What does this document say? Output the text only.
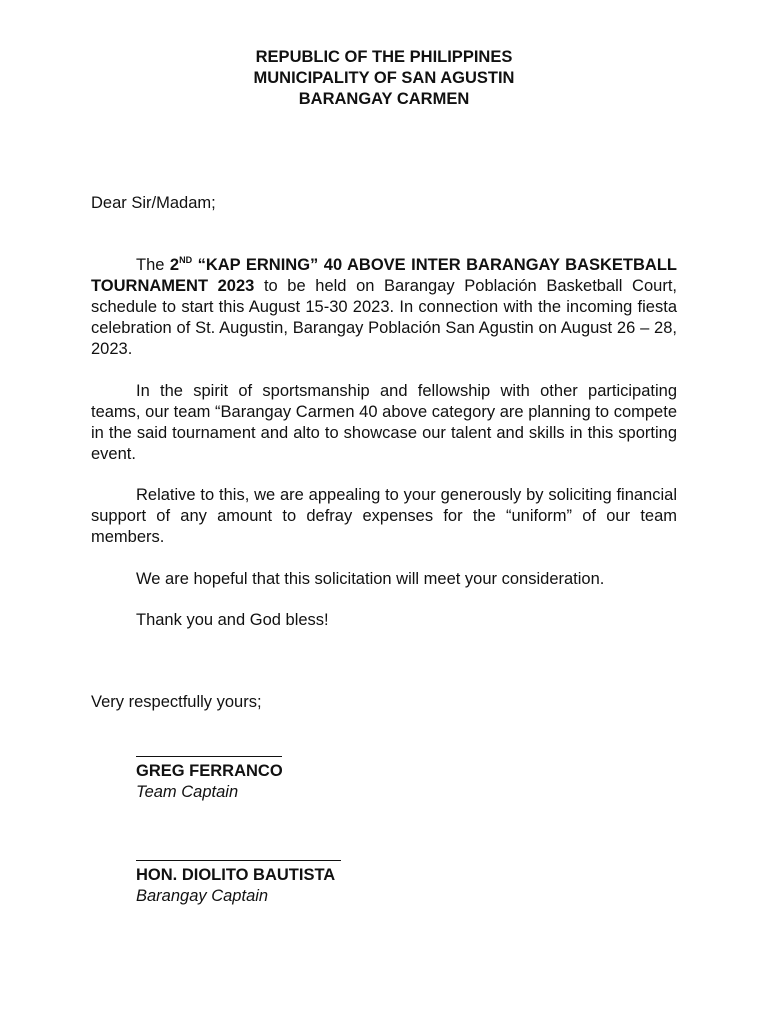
REPUBLIC OF THE PHILIPPINES
MUNICIPALITY OF SAN AGUSTIN
BARANGAY CARMEN
Dear Sir/Madam;

The 2ND “KAP ERNING” 40 ABOVE INTER BARANGAY BASKETBALL TOURNAMENT 2023 to be held on Barangay Población Basketball Court, schedule to start this August 15-30 2023. In connection with the incoming fiesta celebration of St. Augustin, Barangay Población San Agustin on August 26 – 28, 2023.

In the spirit of sportsmanship and fellowship with other participating teams, our team “Barangay Carmen 40 above category are planning to compete in the said tournament and alto to showcase our talent and skills in this sporting event.

Relative to this, we are appealing to your generously by soliciting financial support of any amount to defray expenses for the “uniform” of our team members.

We are hopeful that this solicitation will meet your consideration.

Thank you and God bless!

Very respectfully yours;
GREG FERRANCO
Team Captain
HON. DIOLITO BAUTISTA
Barangay Captain
